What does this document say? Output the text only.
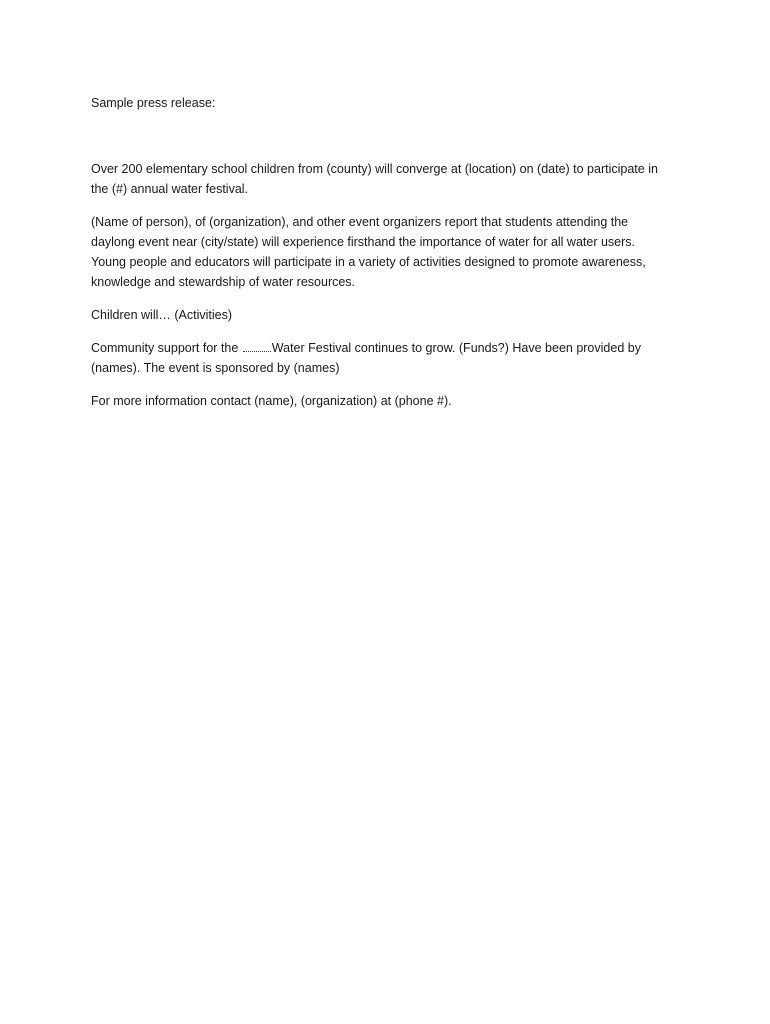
Sample press release:

Over 200 elementary school children from (county) will converge at (location) on (date) to participate in
the (#) annual water festival.

(Name of person), of (organization), and other event organizers report that students attending the
daylong event near (city/state) will experience firsthand the importance of water for all water users.
Young people and educators will participate in a variety of activities designed to promote awareness,
knowledge and stewardship of water resources.

Children will… (Activities)

Community support for the	Water Festival continues to grow. (Funds?) Have been provided by
(names). The event is sponsored by (names)

For more information contact (name), (organization) at (phone #).
